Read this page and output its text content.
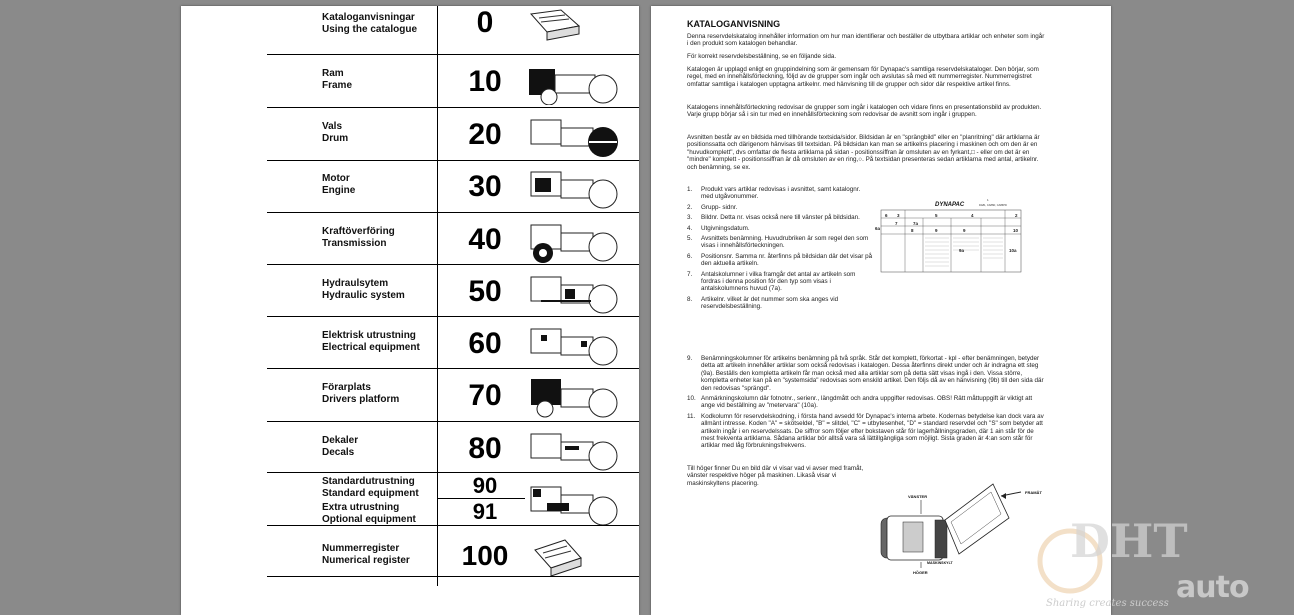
Kataloganvisningar
Using the catalogue	0
Ram
Frame	10
Vals
Drum	20
Motor
Engine	30
Kraftöverföring
Transmission	40
Hydraulsytem
Hydraulic system	50
Elektrisk utrustning
Electrical equipment	60
Förarplats
Drivers platform	70
Dekaler
Decals	80
Standardutrustning
Standard equipment	90
Extra utrustning
Optional equipment	91
Nummerregister
Numerical register	100
KATALOGANVISNING
Denna reservdelskatalog innehåller information om hur man identifierar och beställer de utbytbara artiklar och enheter som ingår i den produkt som katalogen behandlar.
För korrekt reservdelsbeställning, se en följande sida.
Katalogen är upplagd enligt en gruppindelning som är gemensam för Dynapac's samtliga reservdelskataloger. Den börjar, som regel, med en innehållsförteckning, följd av de grupper som ingår och avslutas så med ett nummerregister. Nummerregistret omfattar samtliga i katalogen upptagna artikelnr. med hänvisning till de grupper och sidor där respektive artikel finns.
Katalogens innehållsförteckning redovisar de grupper som ingår i katalogen och vidare finns en presentationsbild av produkten. Varje grupp börjar så i sin tur med en innehållsförteckning som redovisar de avsnitt som ingår i gruppen.
Avsnitten består av en bildsida med tillhörande textsida/sidor. Bildsidan är en "sprängbild" eller en "planritning" där artiklarna är positionssatta och därigenom hänvisas till textsidan. På bildsidan kan man se artikelns placering i maskinen och om den är en "huvudkomplett", dvs omfattar de flesta artiklarna på sidan - positionssiffran är omsluten av en fyrkant,□ - eller om det är en "mindre" komplett - positionssiffran är då omsluten av en ring,○. På textsidan presenteras sedan artiklarna med antal, artikelnr. och benämning, se ex.
1. Produkt vars artiklar redovisas i avsnittet, samt katalognr. med utgåvonummer.
2. Grupp- sidnr.
3. Bildnr. Detta nr. visas också nere till vänster på bildsidan.
4. Utgivningsdatum.
5. Avsnittets benämning. Huvudrubriken är som regel den som visas i innehållsförteckningen.
6. Positionsnr. Samma nr. återfinns på bildsidan där det visar på den aktuella artikeln.
7. Antalskolumner i vilka framgår det antal av artikeln som fordras i denna position för den typ som visas i antalskolumnens huvud (7a).
8. Artikelnr. vilket är det nummer som ska anges vid reservdelsbeställning.
DYNAPAC
1
DA81, CA86D, CA86PD
6 3	5	4	2
6a
7	7a
8	9	9	10
9a	10a
9. Benämningskolumner för artikelns benämning på två språk. Står det komplett, förkortat - kpl - efter benämningen, betyder detta att artikeln innehåller artiklar som också redovisas i katalogen. Dessa återfinns direkt under och är indragna ett steg (9a). Beställs den kompletta artikeln får man också med alla artiklar som på detta sätt visas ingå i den. Vissa större, kompletta enheter kan på en "systemsida" redovisas som enskild artikel. Den följs då av en hänvisning (9b) till den sida där den redovisas "sprängd".
10. Anmärkningskolumn där fotnotnr., serienr., längdmått och andra uppgifter redovisas. OBS! Rätt måttuppgift är viktigt att ange vid beställning av "metervara" (10a).
11. Kodkolumn för reservdelskodning, i första hand avsedd för Dynapac's interna arbete. Kodernas betydelse kan dock vara av allmänt intresse. Koden "A" = skötseldel, "B" = slitdel, "C" = utbytesenhet, "D" = standard reservdel och "S" som betyder att artikeln ingår i en reservdelssats. De siffror som följer efter bokstaven står för lagerhållningsgraden, där 1 ain står för de mest frekventa artiklarna. Sådana artiklar bör alltså vara så lättillgängliga som möjligt. Sista graden är 4:an som står för artiklar med låg förbrukningsfrekvens.
Till höger finner Du en bild där vi visar vad vi avser med framåt, vänster respektive höger på maskinen. Likaså visar vi maskinskyltens placering.
FRAMÅT
VÄNSTER
HÖGER
MASKINSKYLT	DHT
auto
Sharing creates success
